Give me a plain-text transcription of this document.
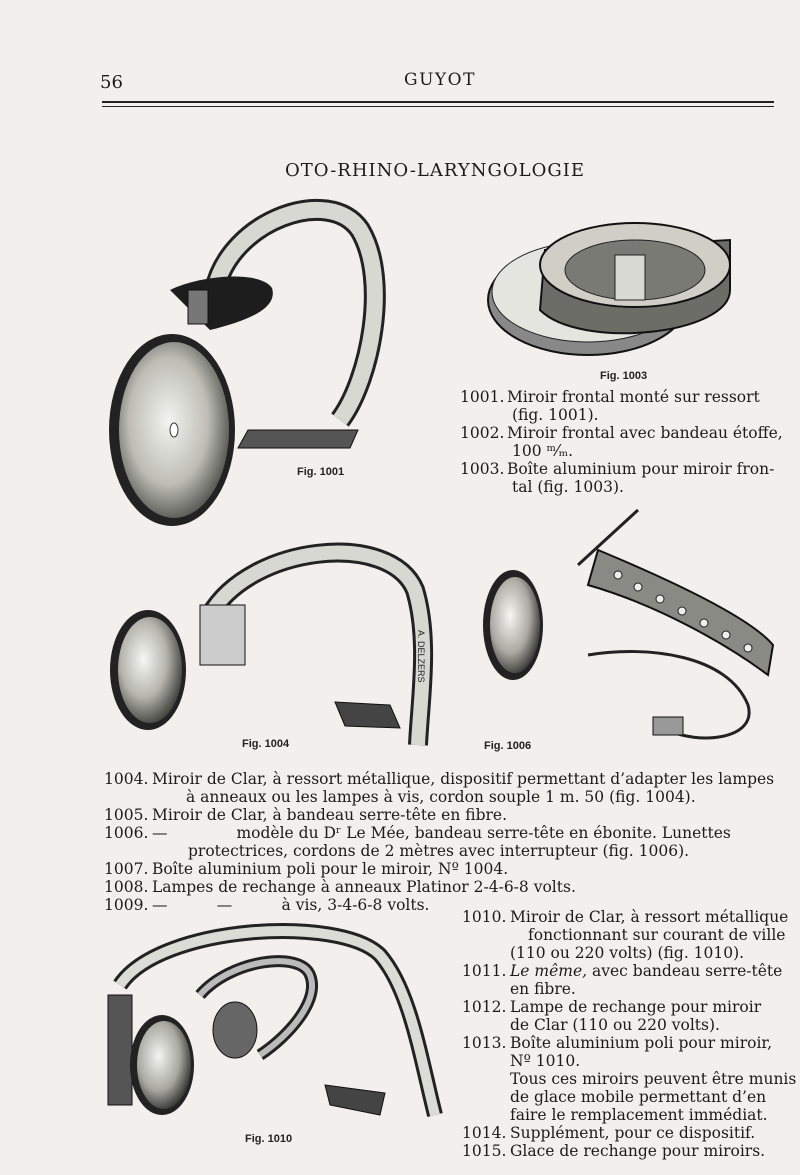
56	GUYOT
OTO-RHINO-LARYNGOLOGIE
Fig. 1001
Fig. 1003
1001. Miroir frontal monté sur ressort
(fig. 1001).
1002. Miroir frontal avec bandeau étoffe,
100 ᵐ⁄ₘ.
1003. Boîte aluminium pour miroir fron-
tal (fig. 1003).
A. DELZERS
Fig. 1004	Fig. 1006
1004. Miroir de Clar, à ressort métallique, dispositif permettant d’adapter les lampes
à anneaux ou les lampes à vis, cordon souple 1 m. 50 (fig. 1004).
1005. Miroir de Clar, à bandeau serre-tête en fibre.
1006. —              modèle du Dʳ Le Mée, bandeau serre-tête en ébonite. Lunettes
protectrices, cordons de 2 mètres avec interrupteur (fig. 1006).
1007. Boîte aluminium poli pour le miroir, Nº 1004.
1008. Lampes de rechange à anneaux Platinor 2-4-6-8 volts.
1009. —          —          à vis, 3-4-6-8 volts.
Fig. 1010
1010. Miroir de Clar, à ressort métallique
fonctionnant sur courant de ville
(110 ou 220 volts) (fig. 1010).
1011. Le même, avec bandeau serre-tête
en fibre.
1012. Lampe de rechange pour miroir
de Clar (110 ou 220 volts).
1013. Boîte aluminium poli pour miroir,
Nº 1010.
Tous ces miroirs peuvent être munis
de glace mobile permettant d’en
faire le remplacement immédiat.
1014. Supplément, pour ce dispositif.
1015. Glace de rechange pour miroirs.
